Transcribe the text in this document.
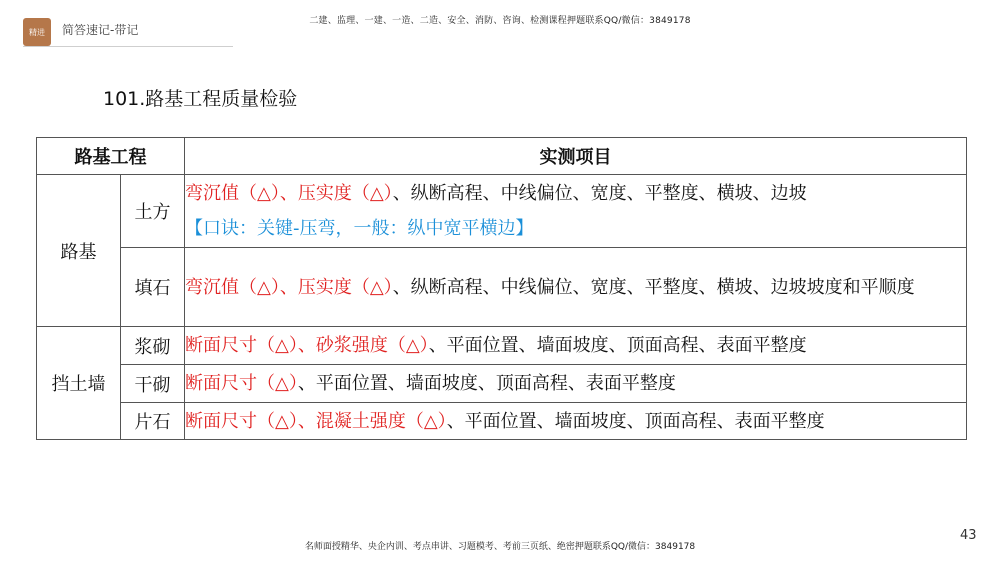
精进 简答速记-带记
二建、监理、一建、一造、二造、安全、消防、咨询、检测课程押题联系QQ/微信：3849178
101.路基工程质量检验
路基工程		实测项目
路基	土方	弯沉值（△）、压实度（△）、纵断高程、中线偏位、宽度、平整度、横坡、边坡
【口诀：关键-压弯，一般：纵中宽平横边】
	填石	弯沉值（△）、压实度（△）、纵断高程、中线偏位、宽度、平整度、横坡、边坡坡度和平顺度
挡土墙	浆砌	断面尺寸（△）、砂浆强度（△）、平面位置、墙面坡度、顶面高程、表面平整度
	干砌	断面尺寸（△）、平面位置、墙面坡度、顶面高程、表面平整度
	片石	断面尺寸（△）、混凝土强度（△）、平面位置、墙面坡度、顶面高程、表面平整度
43
名师面授精华、央企内训、考点串讲、习题模考、考前三页纸、绝密押题联系QQ/微信：3849178
